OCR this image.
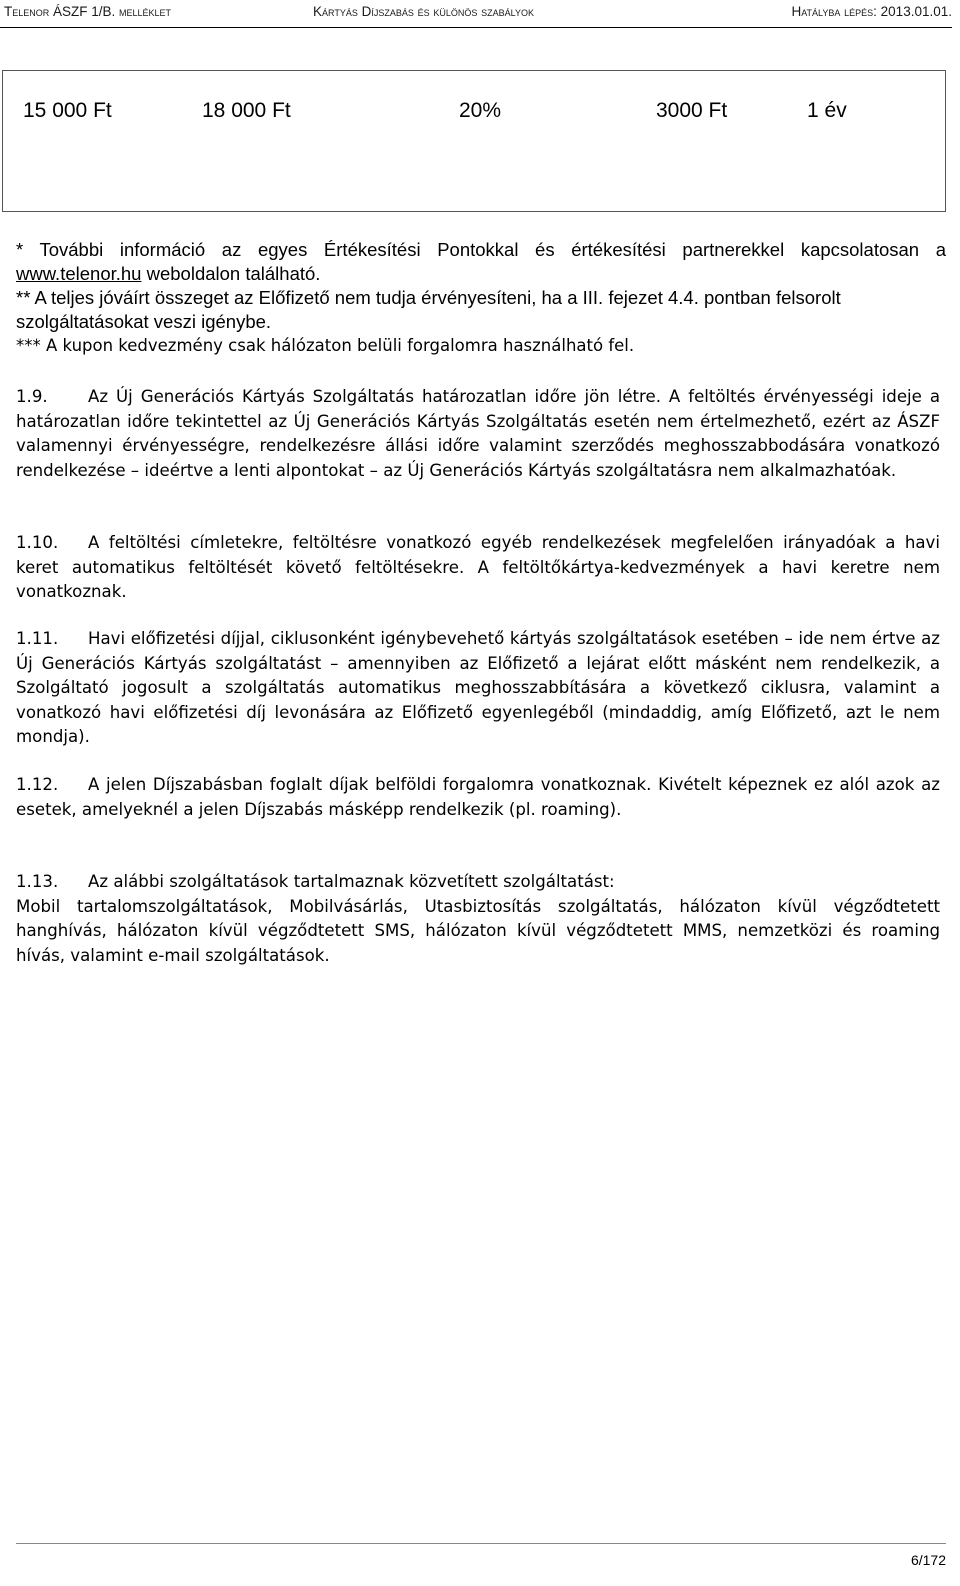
Telenor ÁSZF 1/B. melléklet	Kártyás Díjszabás és különös szabályok	Hatályba lépés: 2013.01.01.
15 000 Ft	18 000 Ft	20%	3000 Ft	1 év
* További információ az egyes Értékesítési Pontokkal és értékesítési partnerekkel kapcsolatosan a www.telenor.hu weboldalon található.
** A teljes jóváírt összeget az Előfizető nem tudja érvényesíteni, ha a III. fejezet 4.4. pontban felsorolt szolgáltatásokat veszi igénybe.
*** A kupon kedvezmény csak hálózaton belüli forgalomra használható fel.

1.9. Az Új Generációs Kártyás Szolgáltatás határozatlan időre jön létre. A feltöltés érvényességi ideje a határozatlan időre tekintettel az Új Generációs Kártyás Szolgáltatás esetén nem értelmezhető, ezért az ÁSZF valamennyi érvényességre, rendelkezésre állási időre valamint szerződés meghosszabbodására vonatkozó rendelkezése – ideértve a lenti alpontokat – az Új Generációs Kártyás szolgáltatásra nem alkalmazhatóak.

1.10. A feltöltési címletekre, feltöltésre vonatkozó egyéb rendelkezések megfelelően irányadóak a havi keret automatikus feltöltését követő feltöltésekre. A feltöltőkártya-kedvezmények a havi keretre nem vonatkoznak.

1.11. Havi előfizetési díjjal, ciklusonként igénybevehető kártyás szolgáltatások esetében – ide nem értve az Új Generációs Kártyás szolgáltatást – amennyiben az Előfizető a lejárat előtt másként nem rendelkezik, a Szolgáltató jogosult a szolgáltatás automatikus meghosszabbítására a következő ciklusra, valamint a vonatkozó havi előfizetési díj levonására az Előfizető egyenlegéből (mindaddig, amíg Előfizető, azt le nem mondja).

1.12. A jelen Díjszabásban foglalt díjak belföldi forgalomra vonatkoznak. Kivételt képeznek ez alól azok az esetek, amelyeknél a jelen Díjszabás másképp rendelkezik (pl. roaming).

1.13. Az alábbi szolgáltatások tartalmaznak közvetített szolgáltatást:
Mobil tartalomszolgáltatások, Mobilvásárlás, Utasbiztosítás szolgáltatás, hálózaton kívül végződtetett hanghívás, hálózaton kívül végződtetett SMS, hálózaton kívül végződtetett MMS, nemzetközi és roaming hívás, valamint e-mail szolgáltatások.
6/172
